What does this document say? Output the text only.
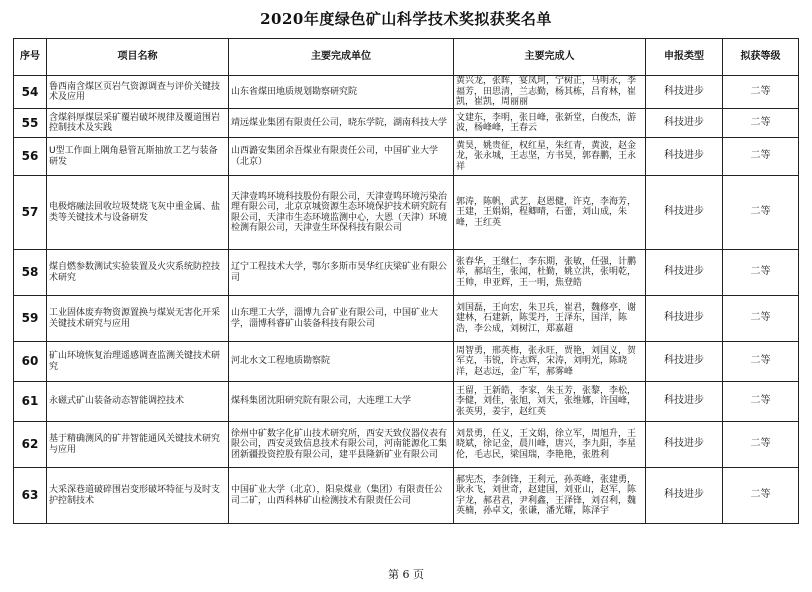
2020年度绿色矿山科学技术奖拟获奖名单
序号	项目名称	主要完成单位	主要完成人	申报类型	拟获等级
54	鲁西南含煤区页岩气资源调查与评价关键技术及应用	山东省煤田地质规划勘察研究院	黄兴龙，张晖，宴凤珂，宁树正，马明永，李福芳，田思清，兰志勤，杨其栋，吕育林，崔凯，崔凯，周丽丽	科技进步	二等
55	含煤斜厚煤层采矿覆岩破坏规律及覆道围岩控制技术及实践	靖远煤业集团有限责任公司，晓东学院，湖南科技大学	文建东，李明，张日峰，张新堂，白俊杰，游波，杨峰峰，王春云	科技进步	二等
56	U型工作面上隅角悬管瓦斯抽放工艺与装备研发	山西潞安集团余吾煤业有限责任公司，中国矿业大学（北京）	黄昊，姚贵征，权红星，朱红青，黄波，赵金龙，张永城，王志坚，方书昊，郭春鹏，王永祥	科技进步	二等
57	电极熔融法回收垃圾焚烧飞灰中重金属、盐类等关键技术与设备研发	天津壹鸣环境科技股份有限公司，天津壹鸣环境污染治理有限公司，北京京城资源生态环境保护技术研究院有限公司，天津市生态环境监测中心，大恩（天津）环境检测有限公司，天津壹生环保科技有限公司	郭涛，陈帆，武艺，赵恩健，许克，李海芳，王建，王娟娟，程卿晴，石蕾，刘山成，朱峰，王红英	科技进步	二等
58	煤自燃参数测试实验装置及火灾系统防控技术研究	辽宁工程技术大学，鄂尔多斯市昊华红庆梁矿业有限公司	张春华，王继仁，李东期，张敏，任强，计鹏举，郝培生，张闻，杜勤，姚立洪，张明乾，王帅，申亚辉，王一明，焦登皓	科技进步	二等
59	工业固体废弃物资源置换与煤炭无害化开采关键技术研究与应用	山东理工大学，淄博九合矿业有限公司，中国矿业大学，淄博科睿矿山装备科技有限公司	刘国磊，王向宏，朱卫兵，崔君，魏修亭，谢建林，石建新，陈雯丹，王泽东，国洋，陈浩，李公成，刘树江，郑嘉超	科技进步	二等
60	矿山环境恢复治理遥感调查监测关键技术研究	河北水文工程地质勘察院	周智勇，邢英梅，张永旺，贾艳，刘国义，贺军克，韦锐，许志辉，宋涛，刘明光，陈晓洋，赵志远，金广军，郝雾峰	科技进步	二等
61	永磁式矿山装备动态智能调控技术	煤科集团沈阳研究院有限公司，大连理工大学	王留，王新皓，李家，朱玉芳，张黎，李松，李健，刘佳，张旭，刘天，张维娜，许国峰，张英男，姜宇，赵红英	科技进步	二等
62	基于精确测风的矿井智能通风关键技术研究与应用	徐州中矿数字化矿山技术研究所，西安天致仪器仪表有限公司，西安灵致信息技术有限公司，河南能源化工集团新疆投资控股有限公司，建平县隆新矿业有限公司	刘景勇，任义，王文娟，徐立军，周旭升，王晓斌，徐记金，晨川峰，唐兴，李九阳，李星伦，毛志民，梁国瑞，李艳艳，张胜利	科技进步	二等
63	大采深巷道破碎围岩变形破坏特征与及时支护控制技术	中国矿业大学（北京），阳泉煤业（集团）有限责任公司二矿，山西科林矿山检测技术有限责任公司	郝宪杰，李剑锋，王利元，孙英峰，张建勇，耿永飞，刘世奇，赵建国，刘亚山，赵军，陈宇龙，郝君君，尹利鑫，王泽锋，刘召利，魏英楠，孙卓文，张谦，潘光耀，陈泽宇	科技进步	二等
第 6 页
